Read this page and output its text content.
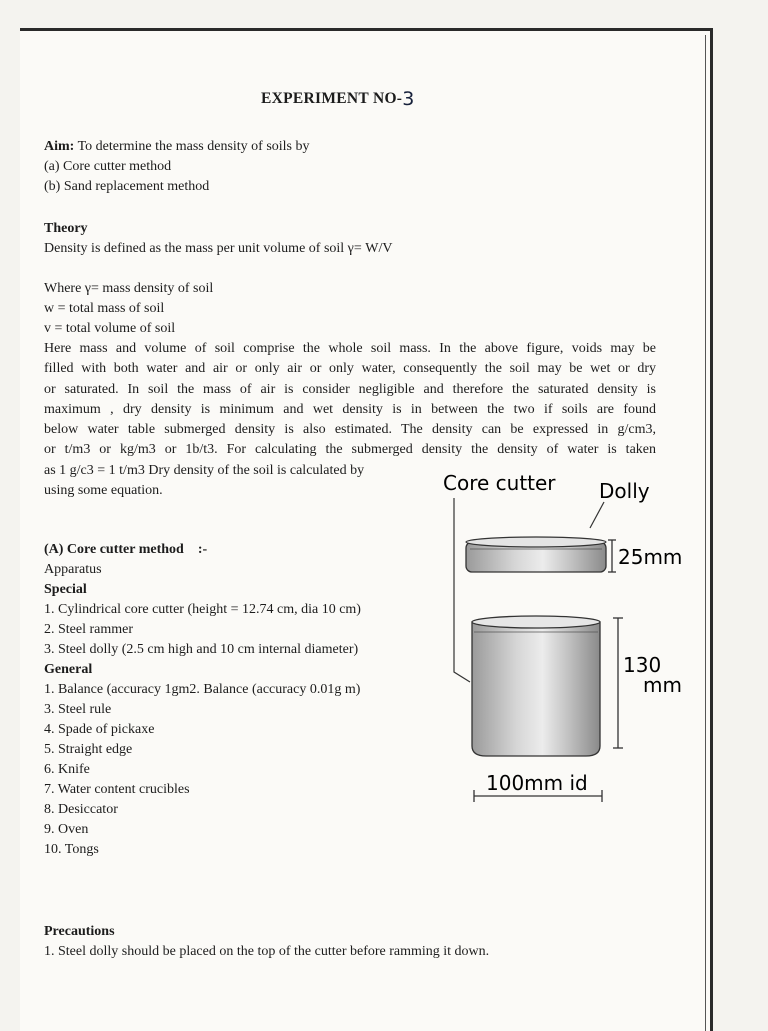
EXPERIMENT NO-3
Aim: To determine the mass density of soils by
(a) Core cutter method
(b) Sand replacement method
Theory
Density is defined as the mass per unit volume of soil γ= W/V
Where γ= mass density of soil
w = total mass of soil
v = total volume of soil
Here mass and volume of soil comprise the whole soil mass. In the above figure, voids may be
filled with both water and air or only air or only water, consequently the soil may be wet or dry
or saturated. In soil the mass of air is consider negligible and therefore the saturated density is
maximum , dry density is minimum and wet density is in between the two if soils are found
below water table submerged density is also estimated. The density can be expressed in g/cm3,
or t/m3 or kg/m3 or 1b/t3. For calculating the submerged density the density of water is taken
as 1 g/c3 = 1 t/m3 Dry density of the soil is calculated by
using some equation.
(A) Core cutter method    :-
Apparatus
Special
1. Cylindrical core cutter (height = 12.74 cm, dia 10 cm)
2. Steel rammer
3. Steel dolly (2.5 cm high and 10 cm internal diameter)
General
1. Balance (accuracy 1gm2. Balance (accuracy 0.01g m)
3. Steel rule
4. Spade of pickaxe
5. Straight edge
6. Knife
7. Water content crucibles
8. Desiccator
9. Oven
10. Tongs
Precautions
1. Steel dolly should be placed on the top of the cutter before ramming it down.
Core cutter Dolly
25mm
130
mm
100mm id
